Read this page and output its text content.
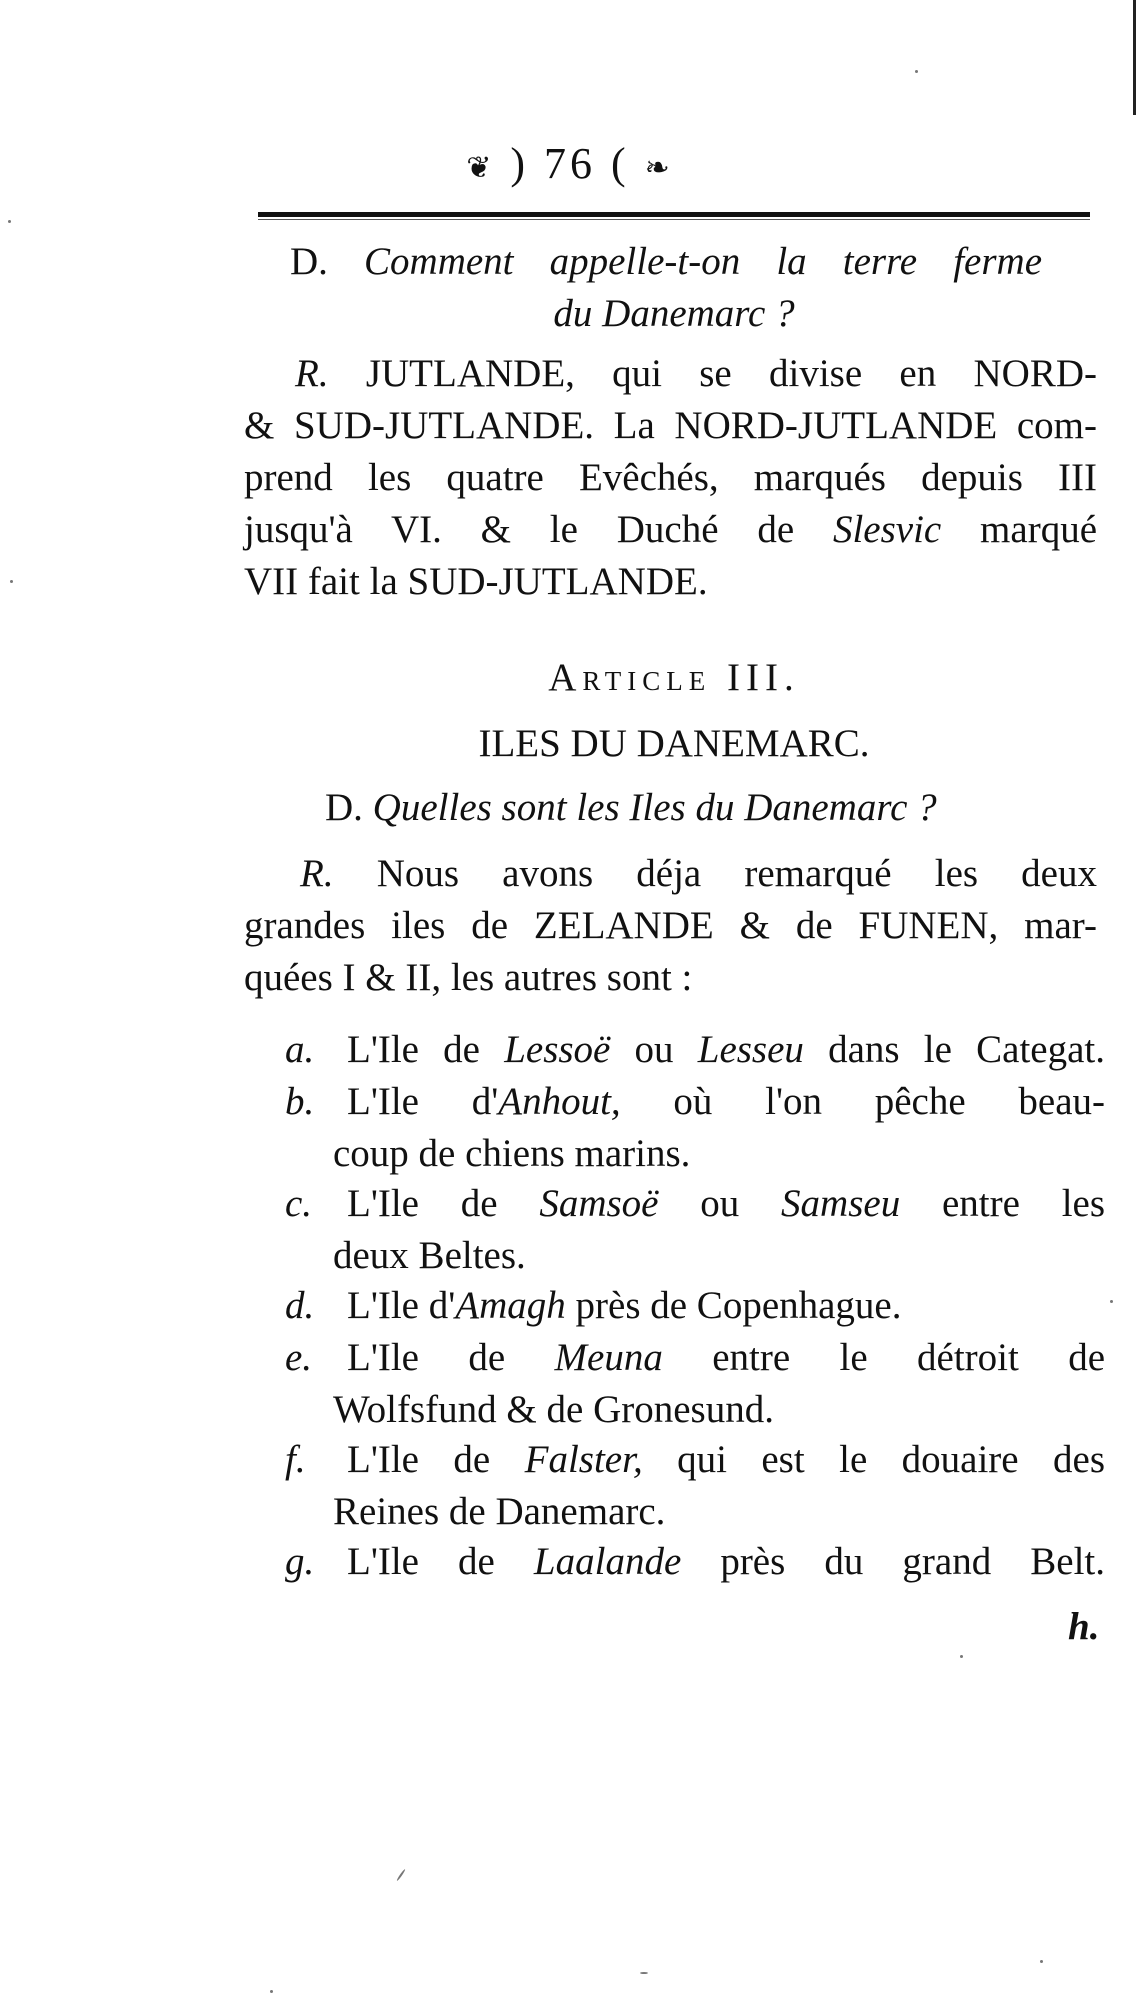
❦ ) 76 ( ❧
D. Comment appelle-t-on la terre ferme
du Danemarc ?
R. JUTLANDE, qui se divise en NORD-
& SUD-JUTLANDE. La NORD-JUTLANDE com-
prend les quatre Evêchés, marqués depuis III
jusqu'à VI. & le Duché de Slesvic marqué
VII fait la SUD-JUTLANDE.
Article III.
ILES DU DANEMARC.
D. Quelles sont les Iles du Danemarc ?
R. Nous avons déja remarqué les deux
grandes iles de ZELANDE & de FUNEN, mar-
quées I & II, les autres sont :
a. L'Ile de Lessoë ou Lesseu dans le Categat.
b. L'Ile d'Anhout, où l'on pêche beau-
coup de chiens marins.
c. L'Ile de Samsoë ou Samseu entre les
deux Beltes.
d. L'Ile d'Amagh près de Copenhague.
e. L'Ile de Meuna entre le détroit de
Wolfsfund & de Gronesund.
f.	L'Ile de Falster, qui est le douaire des
Reines de Danemarc.
g. L'Ile de Laalande près du grand Belt.
h.
